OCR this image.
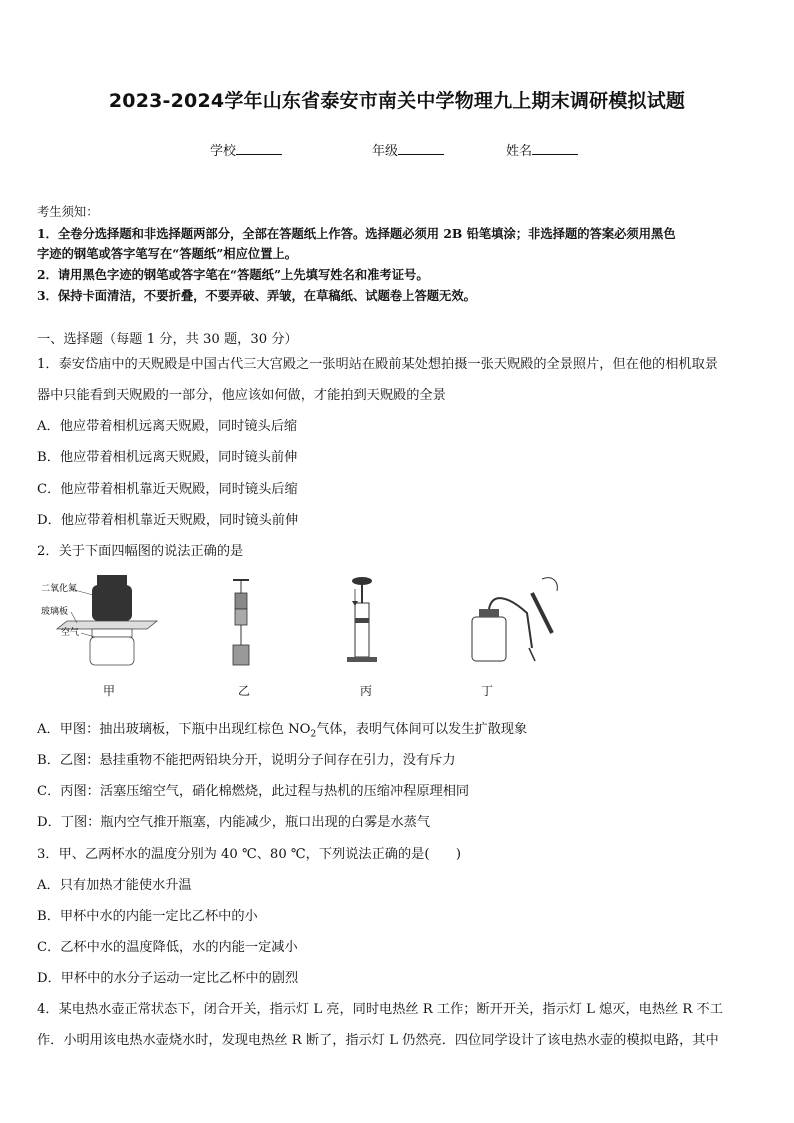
2023-2024学年山东省泰安市南关中学物理九上期末调研模拟试题
学校	年级	姓名
考生须知：
1．全卷分选择题和非选择题两部分，全部在答题纸上作答。选择题必须用 2B 铅笔填涂；非选择题的答案必须用黑色
字迹的钢笔或答字笔写在“答题纸”相应位置上。
2．请用黑色字迹的钢笔或答字笔在“答题纸”上先填写姓名和准考证号。
3．保持卡面清洁，不要折叠，不要弄破、弄皱，在草稿纸、试题卷上答题无效。
一、选择题（每题 1 分，共 30 题，30 分）
1．泰安岱庙中的天贶殿是中国古代三大宫殿之一张明站在殿前某处想拍摄一张天贶殿的全景照片，但在他的相机取景
器中只能看到天贶殿的一部分，他应该如何做，才能拍到天贶殿的全景
A．他应带着相机远离天贶殿，同时镜头后缩
B．他应带着相机远离天贶殿，同时镜头前伸
C．他应带着相机靠近天贶殿，同时镜头后缩
D．他应带着相机靠近天贶殿，同时镜头前伸
2．关于下面四幅图的说法正确的是
二氧化氮
玻璃板
空气
甲	乙	丙	丁
A．甲图：抽出玻璃板，下瓶中出现红棕色 $NO_2$气体，表明气体间可以发生扩散现象
B．乙图：悬挂重物不能把两铅块分开，说明分子间存在引力，没有斥力
C．丙图：活塞压缩空气，硝化棉燃烧，此过程与热机的压缩冲程原理相同
D．丁图：瓶内空气推开瓶塞，内能减少，瓶口出现的白雾是水蒸气
3．甲、乙两杯水的温度分别为 40 ℃、80 ℃，下列说法正确的是(　　)
A．只有加热才能使水升温
B．甲杯中水的内能一定比乙杯中的小
C．乙杯中水的温度降低，水的内能一定减小
D．甲杯中的水分子运动一定比乙杯中的剧烈
4．某电热水壶正常状态下，闭合开关，指示灯 L 亮，同时电热丝 R 工作；断开开关，指示灯 L 熄灭，电热丝 R 不工
作．小明用该电热水壶烧水时，发现电热丝 R 断了，指示灯 L 仍然亮．四位同学设计了该电热水壶的模拟电路，其中
